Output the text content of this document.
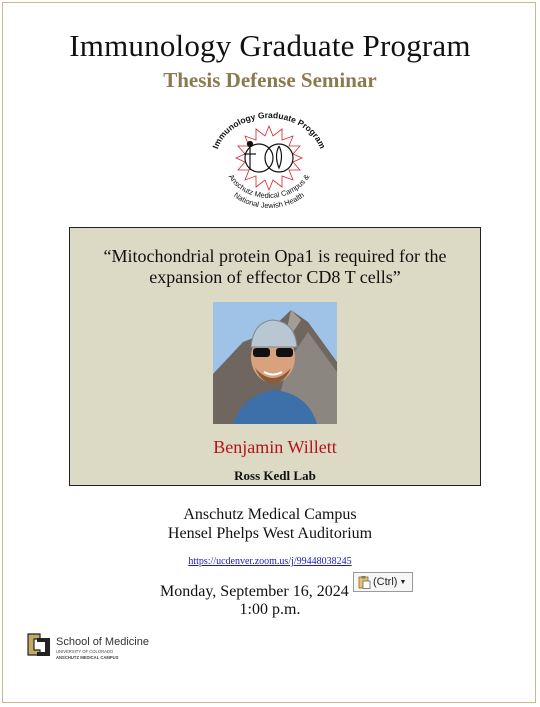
Immunology Graduate Program
Thesis Defense Seminar
Immunology Graduate Program
Anschutz Medical Campus &
National Jewish Health
“Mitochondrial protein Opa1 is required for the
expansion of effector CD8 T cells”
Benjamin Willett
Ross Kedl Lab
Anschutz Medical Campus
Hensel Phelps West Auditorium
https://ucdenver.zoom.us/j/99448038245
Monday, September 16, 2024
1:00 p.m.
(Ctrl) ▼
School of Medicine
UNIVERSITY OF COLORADO
ANSCHUTZ MEDICAL CAMPUS
